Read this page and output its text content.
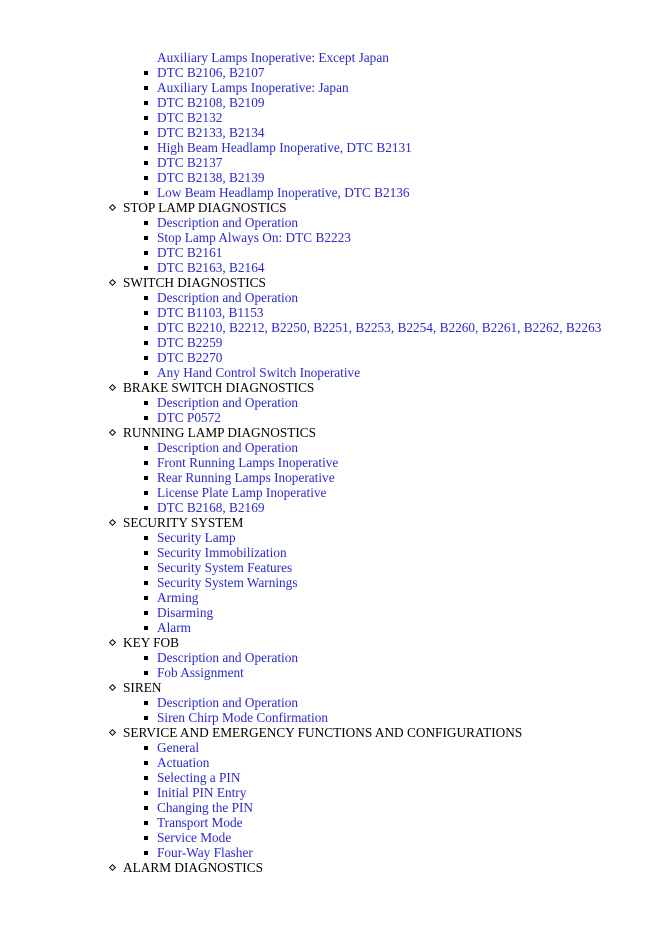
Auxiliary Lamps Inoperative: Except Japan
DTC B2106, B2107
Auxiliary Lamps Inoperative: Japan
DTC B2108, B2109
DTC B2132
DTC B2133, B2134
High Beam Headlamp Inoperative, DTC B2131
DTC B2137
DTC B2138, B2139
Low Beam Headlamp Inoperative, DTC B2136
STOP LAMP DIAGNOSTICS
Description and Operation
Stop Lamp Always On: DTC B2223
DTC B2161
DTC B2163, B2164
SWITCH DIAGNOSTICS
Description and Operation
DTC B1103, B1153
DTC B2210, B2212, B2250, B2251, B2253, B2254, B2260, B2261, B2262, B2263
DTC B2259
DTC B2270
Any Hand Control Switch Inoperative
BRAKE SWITCH DIAGNOSTICS
Description and Operation
DTC P0572
RUNNING LAMP DIAGNOSTICS
Description and Operation
Front Running Lamps Inoperative
Rear Running Lamps Inoperative
License Plate Lamp Inoperative
DTC B2168, B2169
SECURITY SYSTEM
Security Lamp
Security Immobilization
Security System Features
Security System Warnings
Arming
Disarming
Alarm
KEY FOB
Description and Operation
Fob Assignment
SIREN
Description and Operation
Siren Chirp Mode Confirmation
SERVICE AND EMERGENCY FUNCTIONS AND CONFIGURATIONS
General
Actuation
Selecting a PIN
Initial PIN Entry
Changing the PIN
Transport Mode
Service Mode
Four-Way Flasher
ALARM DIAGNOSTICS
